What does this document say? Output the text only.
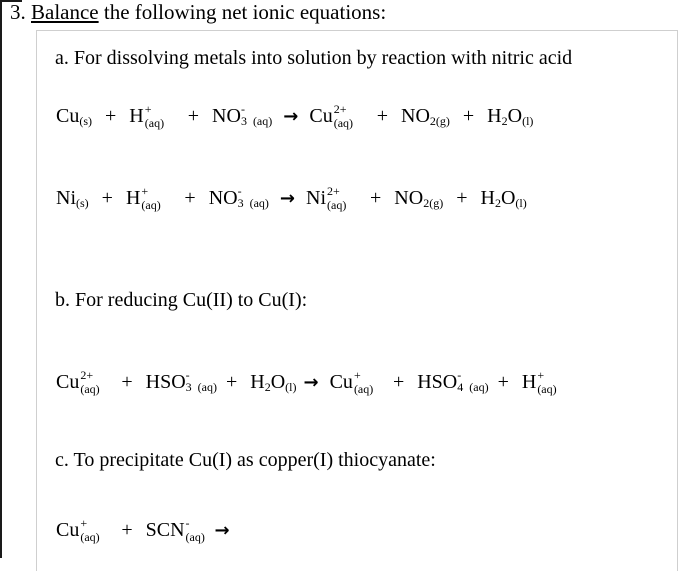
3. Balance the following net ionic equations:
a. For dissolving metals into solution by reaction with nitric acid
$Cu_{(s)} + H$ +
$(aq) + NO_3$
-
(aq) → Cu 2+
$(aq) + NO_{2(g)} + H_2O_{(l)}$
$Ni_{(s)} + H$ +
$(aq) + NO_3$
-
(aq) → Ni 2+
$(aq) + NO_{2(g)} + H_2O_{(l)}$
b. For reducing Cu(II) to Cu(I):
Cu 2+
$(aq) + HSO_3$
-
$(aq) + H_2O_{(l)} \to Cu$ +
$(aq) + HSO_4$
-
(aq) + H +
(aq)
c. To precipitate Cu(I) as copper(I) thiocyanate:
Cu +
(aq) + SCN -
(aq) →
